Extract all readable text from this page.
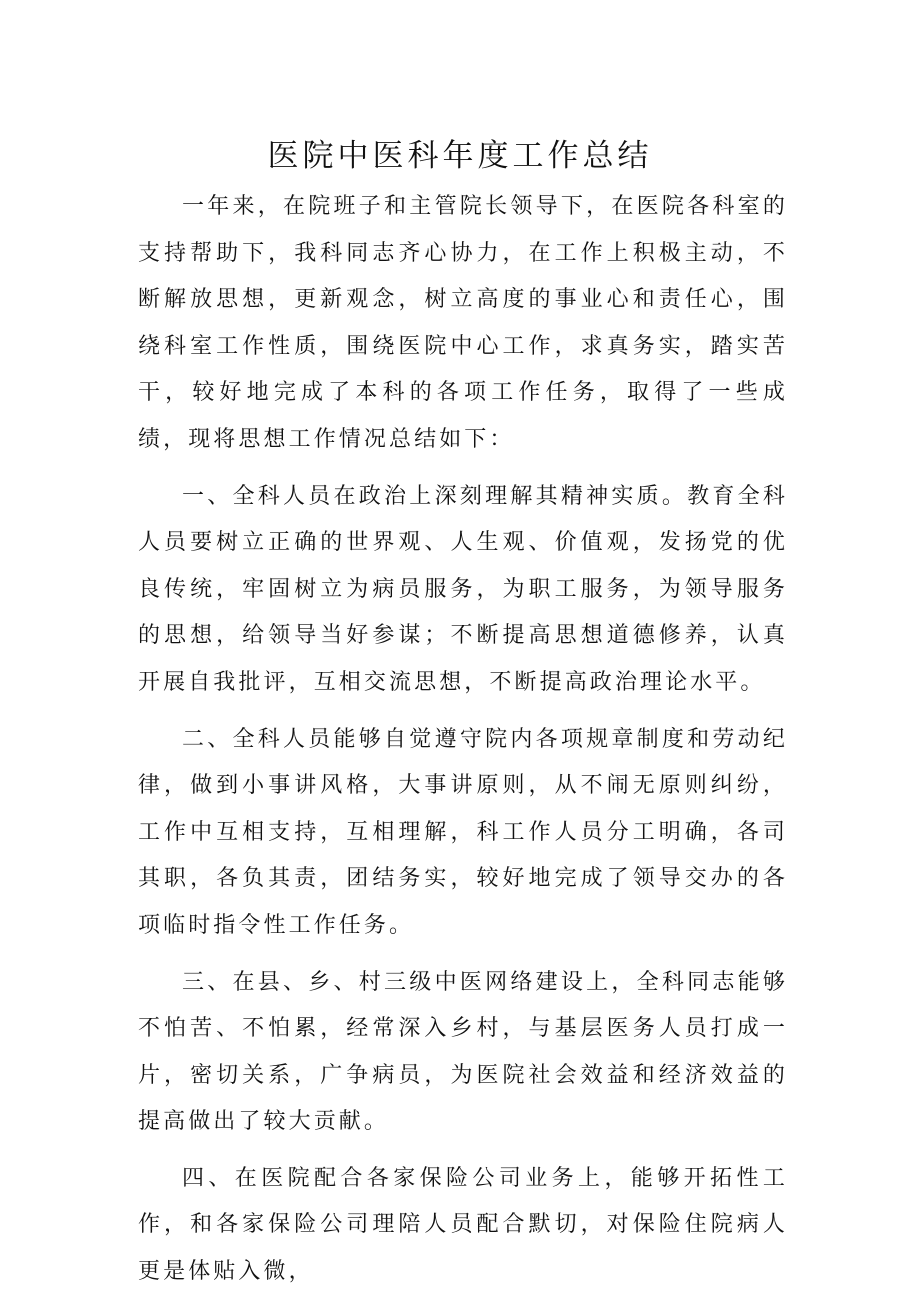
医院中医科年度工作总结

一年来，在院班子和主管院长领导下，在医院各科室的支持帮助下，我科同志齐心协力，在工作上积极主动，不断解放思想，更新观念，树立高度的事业心和责任心，围绕科室工作性质，围绕医院中心工作，求真务实，踏实苦干，较好地完成了本科的各项工作任务，取得了一些成绩，现将思想工作情况总结如下：

一、全科人员在政治上深刻理解其精神实质。教育全科人员要树立正确的世界观、人生观、价值观，发扬党的优良传统，牢固树立为病员服务，为职工服务，为领导服务的思想，给领导当好参谋；不断提高思想道德修养，认真开展自我批评，互相交流思想，不断提高政治理论水平。

二、全科人员能够自觉遵守院内各项规章制度和劳动纪律，做到小事讲风格，大事讲原则，从不闹无原则纠纷，工作中互相支持，互相理解，科工作人员分工明确，各司其职，各负其责，团结务实，较好地完成了领导交办的各项临时指令性工作任务。

三、在县、乡、村三级中医网络建设上，全科同志能够不怕苦、不怕累，经常深入乡村，与基层医务人员打成一片，密切关系，广争病员，为医院社会效益和经济效益的提高做出了较大贡献。

四、在医院配合各家保险公司业务上，能够开拓性工作，和各家保险公司理陪人员配合默切，对保险住院病人更是体贴入微，
